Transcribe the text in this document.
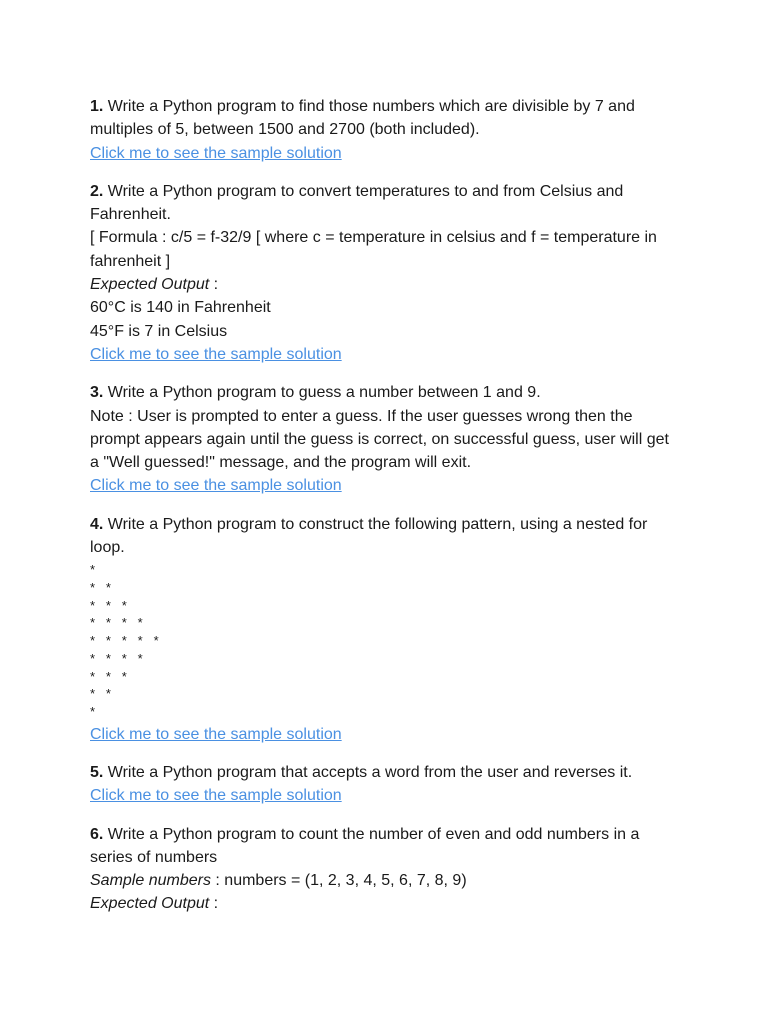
1. Write a Python program to find those numbers which are divisible by 7 and multiples of 5, between 1500 and 2700 (both included).

Click me to see the sample solution

2. Write a Python program to convert temperatures to and from Celsius and Fahrenheit.

[ Formula : c/5 = f-32/9 [ where c = temperature in celsius and f = temperature in fahrenheit ]

Expected Output :

60°C is 140 in Fahrenheit

45°F is 7 in Celsius

Click me to see the sample solution

3. Write a Python program to guess a number between 1 and 9.

Note : User is prompted to enter a guess. If the user guesses wrong then the prompt appears again until the guess is correct, on successful guess, user will get a "Well guessed!" message, and the program will exit.

Click me to see the sample solution

4. Write a Python program to construct the following pattern, using a nested for loop.

*
*   *
*   *   *
*   *   *   *
*   *   *   *   *
*   *   *   *
*   *   *
*   *
*

Click me to see the sample solution

5. Write a Python program that accepts a word from the user and reverses it.

Click me to see the sample solution

6. Write a Python program to count the number of even and odd numbers in a series of numbers

Sample numbers : numbers = (1, 2, 3, 4, 5, 6, 7, 8, 9)

Expected Output :
